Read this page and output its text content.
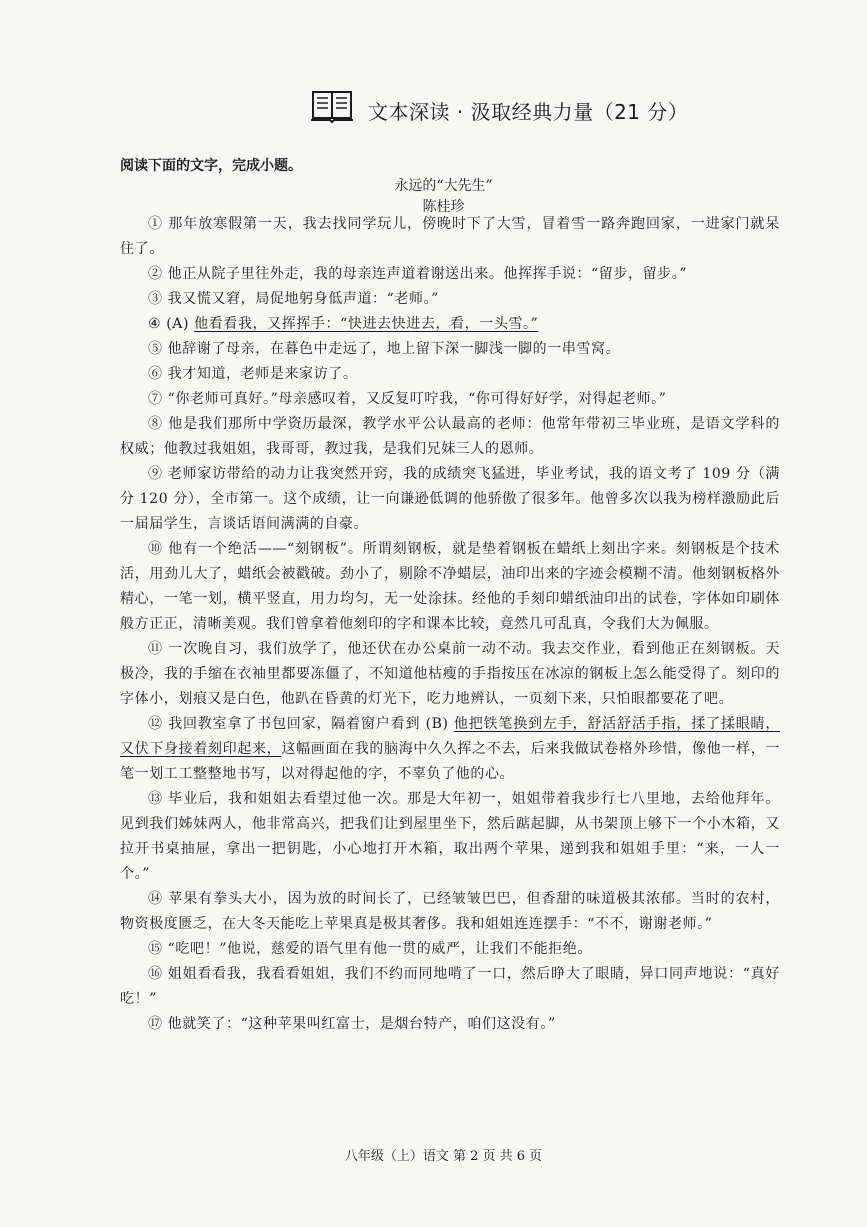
文本深读 · 汲取经典力量（21 分）
阅读下面的文字，完成小题。
永远的“大先生”
陈桂珍

① 那年放寒假第一天，我去找同学玩儿，傍晚时下了大雪，冒着雪一路奔跑回家，一进家门就呆住了。

② 他正从院子里往外走，我的母亲连声道着谢送出来。他挥挥手说：“留步，留步。”

③ 我又慌又窘，局促地躬身低声道：“老师。”

④ (A) 他看看我，又挥挥手：“快进去快进去，看，一头雪。”

⑤ 他辞谢了母亲，在暮色中走远了，地上留下深一脚浅一脚的一串雪窝。

⑥ 我才知道，老师是来家访了。

⑦ “你老师可真好。”母亲感叹着，又反复叮咛我，“你可得好好学，对得起老师。”

⑧ 他是我们那所中学资历最深，教学水平公认最高的老师：他常年带初三毕业班，是语文学科的权威；他教过我姐姐，我哥哥，教过我，是我们兄妹三人的恩师。

⑨ 老师家访带给的动力让我突然开窍，我的成绩突飞猛进，毕业考试，我的语文考了 109 分（满分 120 分），全市第一。这个成绩，让一向谦逊低调的他骄傲了很多年。他曾多次以我为榜样激励此后一届届学生，言谈话语间满满的自豪。

⑩ 他有一个绝活——“刻钢板”。所谓刻钢板，就是垫着钢板在蜡纸上刻出字来。刻钢板是个技术活，用劲儿大了，蜡纸会被戳破。劲小了，剔除不净蜡层，油印出来的字迹会模糊不清。他刻钢板格外精心，一笔一划，横平竖直，用力均匀，无一处涂抹。经他的手刻印蜡纸油印出的试卷，字体如印刷体般方正正，清晰美观。我们曾拿着他刻印的字和课本比较，竟然几可乱真，令我们大为佩服。

⑪ 一次晚自习，我们放学了，他还伏在办公桌前一动不动。我去交作业，看到他正在刻钢板。天极冷，我的手缩在衣袖里都要冻僵了，不知道他枯瘦的手指按压在冰凉的钢板上怎么能受得了。刻印的字体小，划痕又是白色，他趴在昏黄的灯光下，吃力地辨认，一页刻下来，只怕眼都要花了吧。

⑫ 我回教室拿了书包回家，隔着窗户看到 (B) 他把铁笔换到左手，舒活舒活手指，揉了揉眼睛，又伏下身接着刻印起来，这幅画面在我的脑海中久久挥之不去，后来我做试卷格外珍惜，像他一样，一笔一划工工整整地书写，以对得起他的字，不辜负了他的心。

⑬ 毕业后，我和姐姐去看望过他一次。那是大年初一，姐姐带着我步行七八里地，去给他拜年。见到我们姊妹两人，他非常高兴，把我们让到屋里坐下，然后踮起脚，从书架顶上够下一个小木箱，又拉开书桌抽屉，拿出一把钥匙，小心地打开木箱，取出两个苹果，递到我和姐姐手里：“来，一人一个。”

⑭ 苹果有拳头大小，因为放的时间长了，已经皱皱巴巴，但香甜的味道极其浓郁。当时的农村，物资极度匮乏，在大冬天能吃上苹果真是极其奢侈。我和姐姐连连摆手：“不不，谢谢老师。”

⑮ “吃吧！”他说，慈爱的语气里有他一贯的威严，让我们不能拒绝。

⑯ 姐姐看看我，我看看姐姐，我们不约而同地啃了一口，然后睁大了眼睛，异口同声地说：“真好吃！”

⑰ 他就笑了：“这种苹果叫红富士，是烟台特产，咱们这没有。”

八年级（上）语文 第 2 页 共 6 页
